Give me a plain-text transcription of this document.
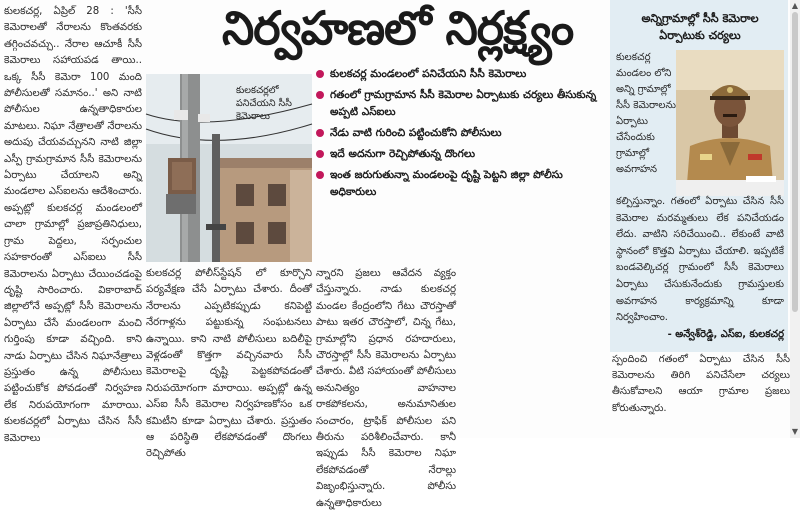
కులకచర్ల, ఏప్రిల్ 28 : 'సీసీ కెమెరాలతో నేరాలను కొంతవరకు తగ్గించవచ్చు.. నేరాల ఆచూకీ సీసీ కెమెరాలు సహాయపడ తాయి.. ఒక్క సీసీ కెమెరా 100 మంది పోలీసులతో సమానం..' అని నాటి పోలీసుల ఉన్నతాధికారుల మాటలు. నిఘా నేత్రాలతో నేరాలను అదుపు చేయవచ్చునని నాటి జిల్లా ఎస్పీ గ్రామగ్రామాన సీసీ కెమెరాలను ఏర్పాటు చేయాలని అన్ని మండలాల ఎస్‌ఐలను ఆదేశించారు. అప్పట్లో కులకచర్ల మండలంలో చాలా గ్రామాల్లో ప్రజాప్రతినిధులు, గ్రామ పెద్దలు, సర్పంచుల సహకారంతో ఎస్‌ఐలు సీసీ కెమెరాలను ఏర్పాటు చేయించడంపై దృష్టి సారించారు. వికారాబాద్ జిల్లాలోనే అప్పట్లో సీసీ కెమెరాలను ఏర్పాటు చేసే మండలంగా మంచి గుర్తింపు కూడా వచ్చింది. కాని నాడు ఏర్పాటు చేసిన నిఘానేత్రాలు ప్రస్తుతం ఉన్న పోలీసులు పట్టించుకోక పోవడంతో నిర్వహణ లేక నిరుపయోగంగా మారాయి. కులకచర్లలో ఏర్పాటు చేసిన సీసీ కెమెరాలు

నిర్వహణలో నిర్లక్ష్యం
కులకచర్లలో పనిచేయని సీసీ కెమెరాలు
కులకచర్ల మండలంలో పనిచేయని సీసీ కెమెరాలు
గతంలో గ్రామగ్రామాన సీసీ కెమెరాల ఏర్పాటుకు చర్యలు తీసుకున్న అప్పటి ఎస్‌ఐలు
నేడు వాటి గురించి పట్టించుకోని పోలీసులు
ఇదే అదనుగా రెచ్చిపోతున్న దొంగలు
ఇంత జరుగుతున్నా మండలంపై దృష్టి పెట్టని జిల్లా పోలీసు అధికారులు

కులకచర్ల పోలీస్‌స్టేషన్ లో కూర్చొని పర్యవేక్షణ చేసే ఏర్పాటు చేశారు. దీంతో నేరాలను ఎప్పటికప్పుడు కనిపెట్టి నేరగాళ్లను పట్టుకున్న సంఘటనలు ఉన్నాయి. కాని నాటి పోలీసులు బదిలీపై వెళ్లడంతో కొత్తగా వచ్చినవారు సీసీ కెమెరాలపై దృష్టి పెట్టకపోవడంతో నిరుపయోగంగా మారాయి. అప్పట్లో ఉన్న ఎస్‌ఐ సీసీ కెమెరాల నిర్వహణకోసం ఒక కమిటీని కూడా ఏర్పాటు చేశారు. ప్రస్తుతం ఆ పరిస్థితి లేకపోవడంతో దొంగలు రెచ్చిపోతు

న్నారని ప్రజలు ఆవేదన వ్యక్తం చేస్తున్నారు. నాడు కులకచర్ల మండల కేంద్రంలోని గేటు చౌరస్తాతో పాటు ఇతర చౌరస్తాలో, చిన్న గేటు, గ్రామాల్లోని ప్రధాన రహదారులు, చౌరస్తాల్లో సీసీ కెమెరాలను ఏర్పాటు చేశారు. వీటి సహాయంతో పోలీసులు అనునిత్యం వాహనాల రాకపోకలను, అనుమానితుల సంచారం, ట్రాఫిక్ పోలీసుల పని తీరును పరిశీలించేవారు. కానీ ఇప్పుడు సీసీ కెమెరాల నిఘా లేకపోవడంతో నేరాల్లు విజృంభిస్తున్నారు. పోలీసు ఉన్నతాధికారులు

అన్నిగ్రామాల్లో సీసీ కెమెరాల ఏర్పాటుకు చర్యలు
కులకచర్ల మండలం లోని అన్ని గ్రామాల్లో సీసీ కెమెరాలను ఏర్పాటు చేసేందుకు గ్రామాల్లో అవగాహన
కల్పిస్తున్నాం. గతంలో ఏర్పాటు చేసిన సీసీ కెమెరాల మరమ్మతులు లేక పనిచేయడం లేదు. వాటిని సరిచేయించి.. లేకుంటే వాటి స్థానంలో కొత్తవి ఏర్పాటు చేయాలి. ఇప్పటికే బండవెల్కిచర్ల గ్రామంలో సీసీ కెమెరాలు ఏర్పాటు చేసుకునేందుకు గ్రామస్తులకు అవగాహన కార్యక్రమాన్ని కూడా నిర్వహించాం.
- అన్వేశ్‌రెడ్డి, ఎస్‌ఐ, కులకచర్ల

స్పందించి గతంలో ఏర్పాటు చేసిన సీసీ కెమెరాలను తిరిగి పనిచేసేలా చర్యలు తీసుకోవాలని ఆయా గ్రామాల ప్రజలు కోరుతున్నారు.

▲
▼
